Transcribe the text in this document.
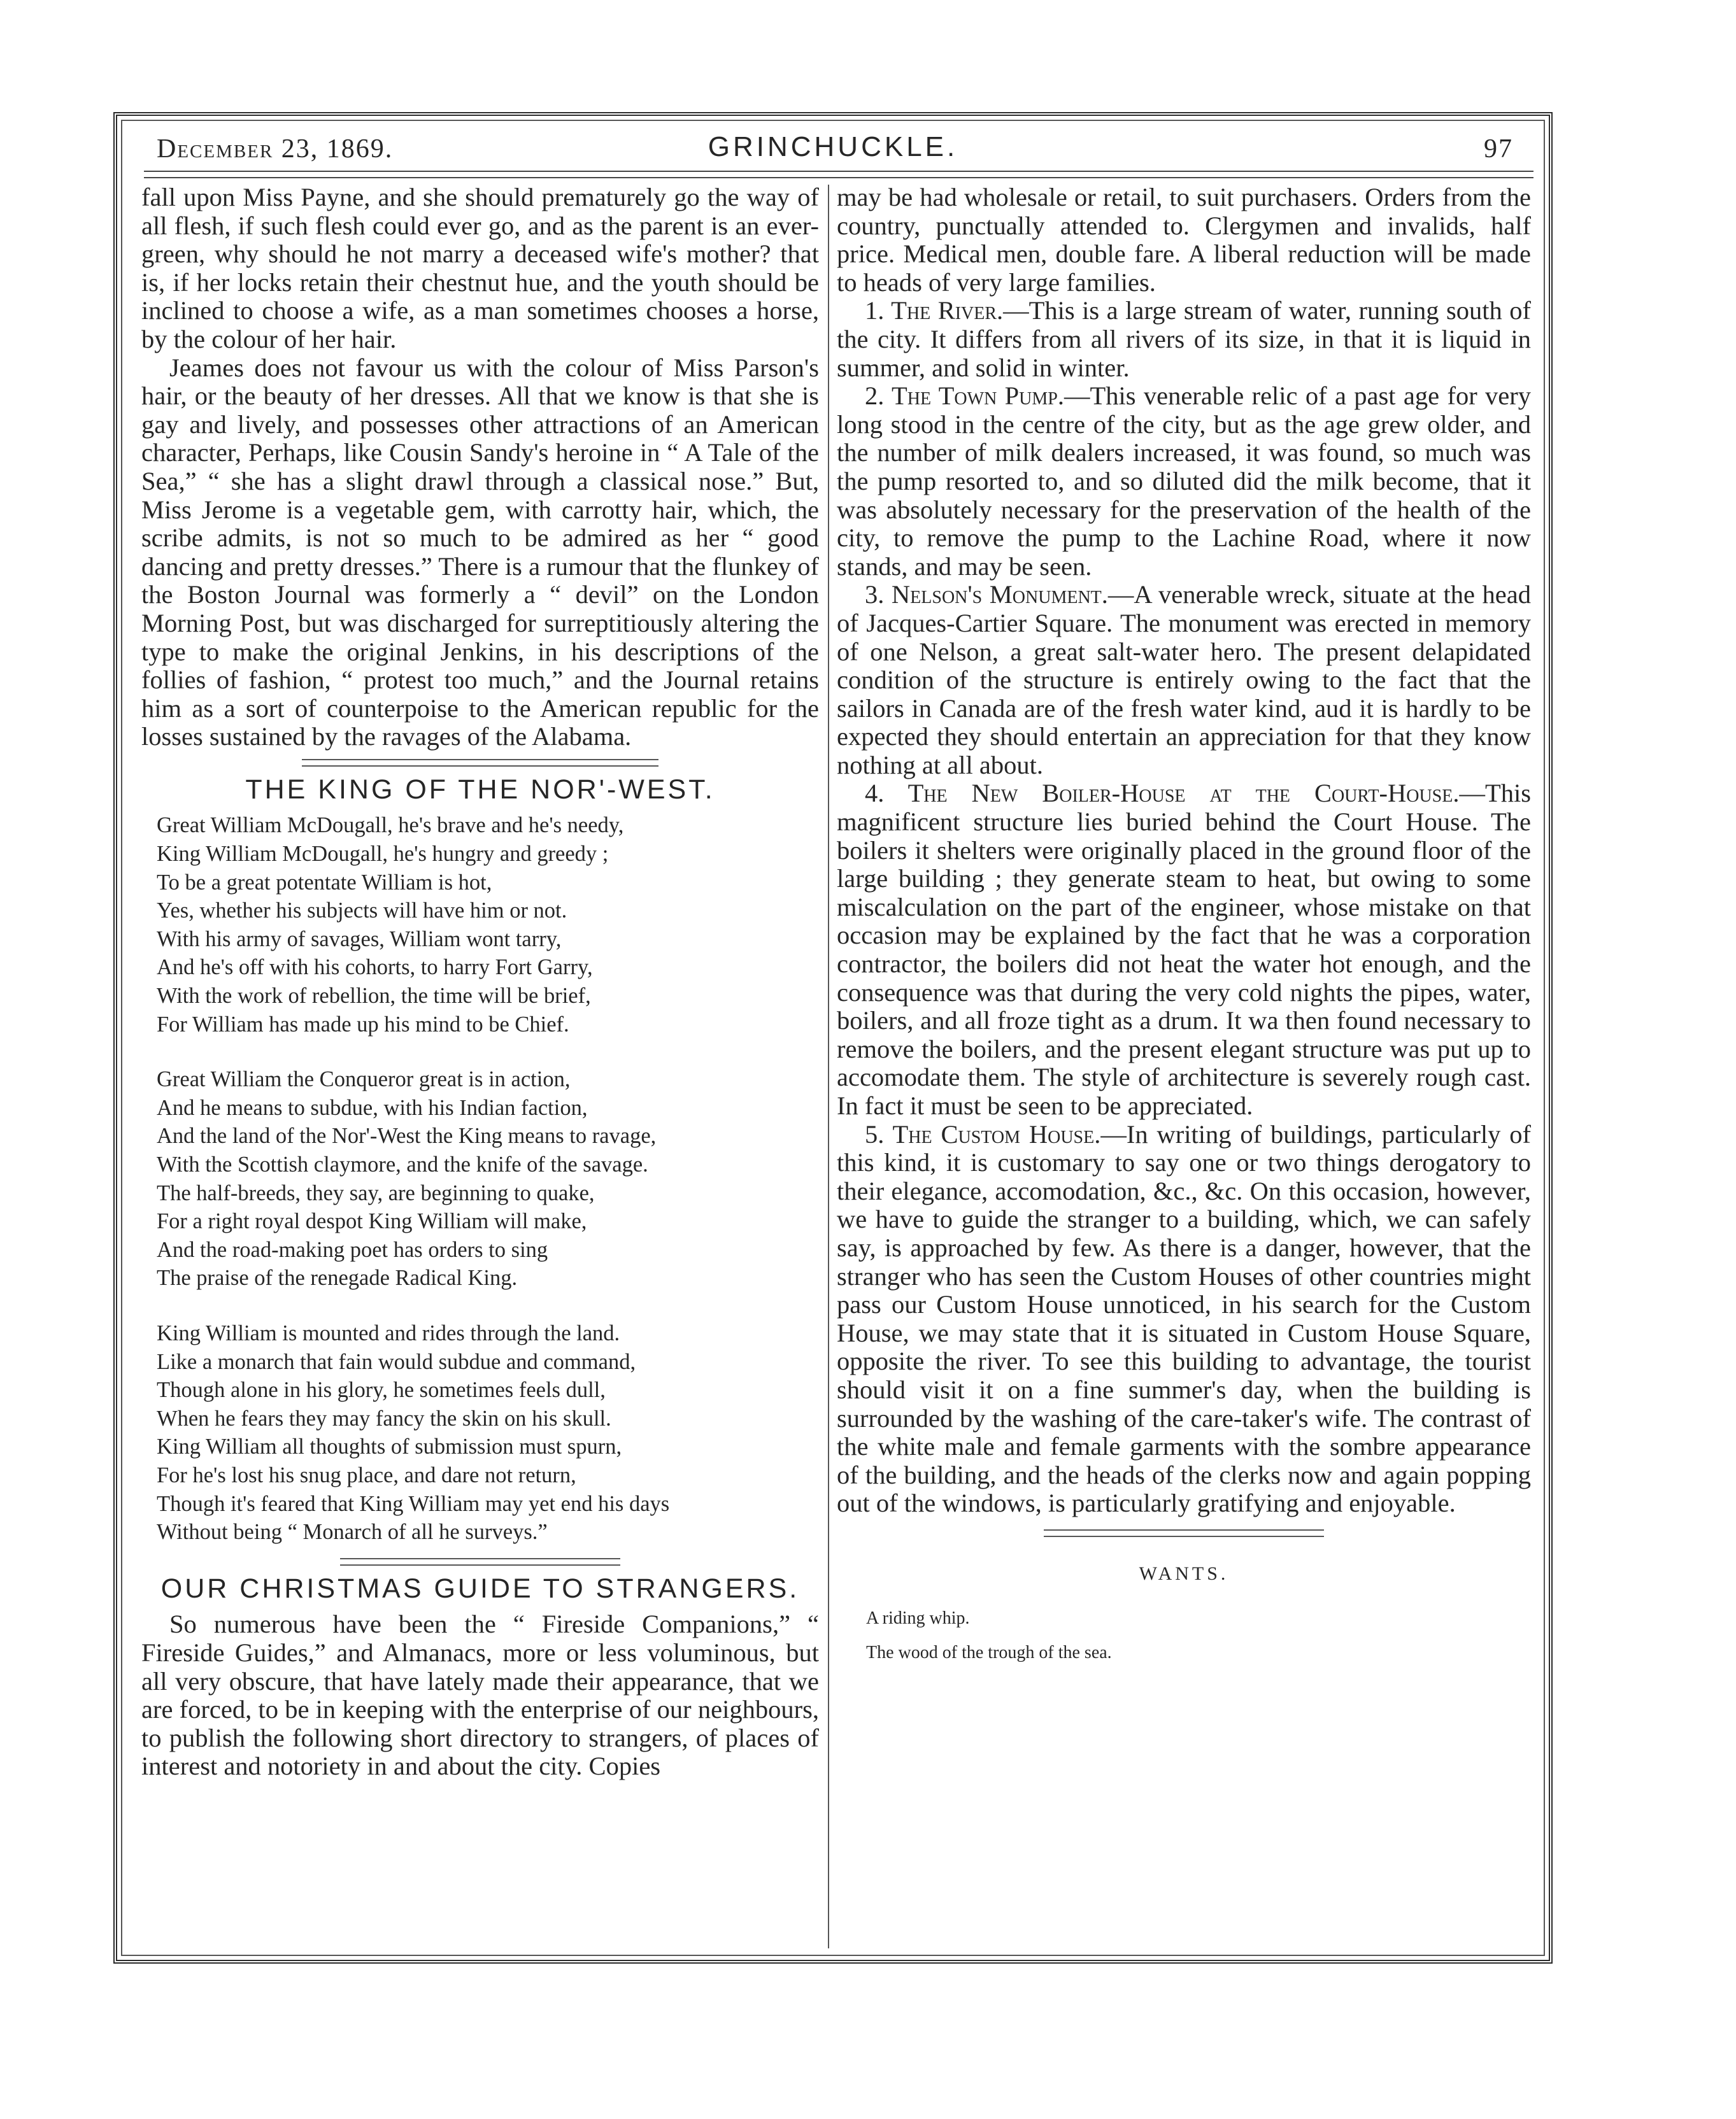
December 23, 1869.	GRINCHUCKLE.	97

fall upon Miss Payne, and she should prematurely go the way of all flesh, if such flesh could ever go, and as the parent is an ever-green, why should he not marry a deceased wife's mother? that is, if her locks retain their chestnut hue, and the youth should be inclined to choose a wife, as a man sometimes chooses a horse, by the colour of her hair.

Jeames does not favour us with the colour of Miss Parson's hair, or the beauty of her dresses. All that we know is that she is gay and lively, and possesses other attractions of an American character, Perhaps, like Cousin Sandy's heroine in “ A Tale of the Sea,” “ she has a slight drawl through a classical nose.” But, Miss Jerome is a vegetable gem, with carrotty hair, which, the scribe admits, is not so much to be admired as her “ good dancing and pretty dresses.” There is a rumour that the flunkey of the Boston Journal was formerly a “ devil” on the London Morning Post, but was discharged for surreptitiously altering the type to make the original Jenkins, in his descriptions of the follies of fashion, “ protest too much,” and the Journal retains him as a sort of counterpoise to the American republic for the losses sustained by the ravages of the Alabama.

THE KING OF THE NOR'-WEST.
Great William McDougall, he's brave and he's needy,
King William McDougall, he's hungry and greedy ;
To be a great potentate William is hot,
Yes, whether his subjects will have him or not.
With his army of savages, William wont tarry,
And he's off with his cohorts, to harry Fort Garry,
With the work of rebellion, the time will be brief,
For William has made up his mind to be Chief.
Great William the Conqueror great is in action,
And he means to subdue, with his Indian faction,
And the land of the Nor'-West the King means to ravage,
With the Scottish claymore, and the knife of the savage.
The half-breeds, they say, are beginning to quake,
For a right royal despot King William will make,
And the road-making poet has orders to sing
The praise of the renegade Radical King.
King William is mounted and rides through the land.
Like a monarch that fain would subdue and command,
Though alone in his glory, he sometimes feels dull,
When he fears they may fancy the skin on his skull.
King William all thoughts of submission must spurn,
For he's lost his snug place, and dare not return,
Though it's feared that King William may yet end his days
Without being “ Monarch of all he surveys.”
OUR CHRISTMAS GUIDE TO STRANGERS.

So numerous have been the “ Fireside Companions,” “ Fireside Guides,” and Almanacs, more or less voluminous, but all very obscure, that have lately made their appearance, that we are forced, to be in keeping with the enterprise of our neighbours, to publish the following short directory to strangers, of places of interest and notoriety in and about the city. Copies

may be had wholesale or retail, to suit purchasers. Orders from the country, punctually attended to. Clergymen and invalids, half price. Medical men, double fare. A liberal reduction will be made to heads of very large families.

1. The River.—This is a large stream of water, running south of the city. It differs from all rivers of its size, in that it is liquid in summer, and solid in winter.

2. The Town Pump.—This venerable relic of a past age for very long stood in the centre of the city, but as the age grew older, and the number of milk dealers increased, it was found, so much was the pump resorted to, and so diluted did the milk become, that it was absolutely necessary for the preservation of the health of the city, to remove the pump to the Lachine Road, where it now stands, and may be seen.

3. Nelson's Monument.—A venerable wreck, situate at the head of Jacques-Cartier Square. The monument was erected in memory of one Nelson, a great salt-water hero. The present delapidated condition of the structure is entirely owing to the fact that the sailors in Canada are of the fresh water kind, aud it is hardly to be expected they should entertain an appreciation for that they know nothing at all about.

4. The New Boiler-House at the Court-House.—This magnificent structure lies buried behind the Court House. The boilers it shelters were originally placed in the ground floor of the large building ; they generate steam to heat, but owing to some miscalculation on the part of the engineer, whose mistake on that occasion may be explained by the fact that he was a corporation contractor, the boilers did not heat the water hot enough, and the consequence was that during the very cold nights the pipes, water, boilers, and all froze tight as a drum. It wa then found necessary to remove the boilers, and the present elegant structure was put up to accomodate them. The style of architecture is severely rough cast. In fact it must be seen to be appreciated.

5. The Custom House.—In writing of buildings, particularly of this kind, it is customary to say one or two things derogatory to their elegance, accomodation, &c., &c. On this occasion, however, we have to guide the stranger to a building, which, we can safely say, is approached by few. As there is a danger, however, that the stranger who has seen the Custom Houses of other countries might pass our Custom House unnoticed, in his search for the Custom House, we may state that it is situated in Custom House Square, opposite the river. To see this building to advantage, the tourist should visit it on a fine summer's day, when the building is surrounded by the washing of the care-taker's wife. The contrast of the white male and female garments with the sombre appearance of the building, and the heads of the clerks now and again popping out of the windows, is particularly gratifying and enjoyable.

WANTS.

A riding whip.

The wood of the trough of the sea.
